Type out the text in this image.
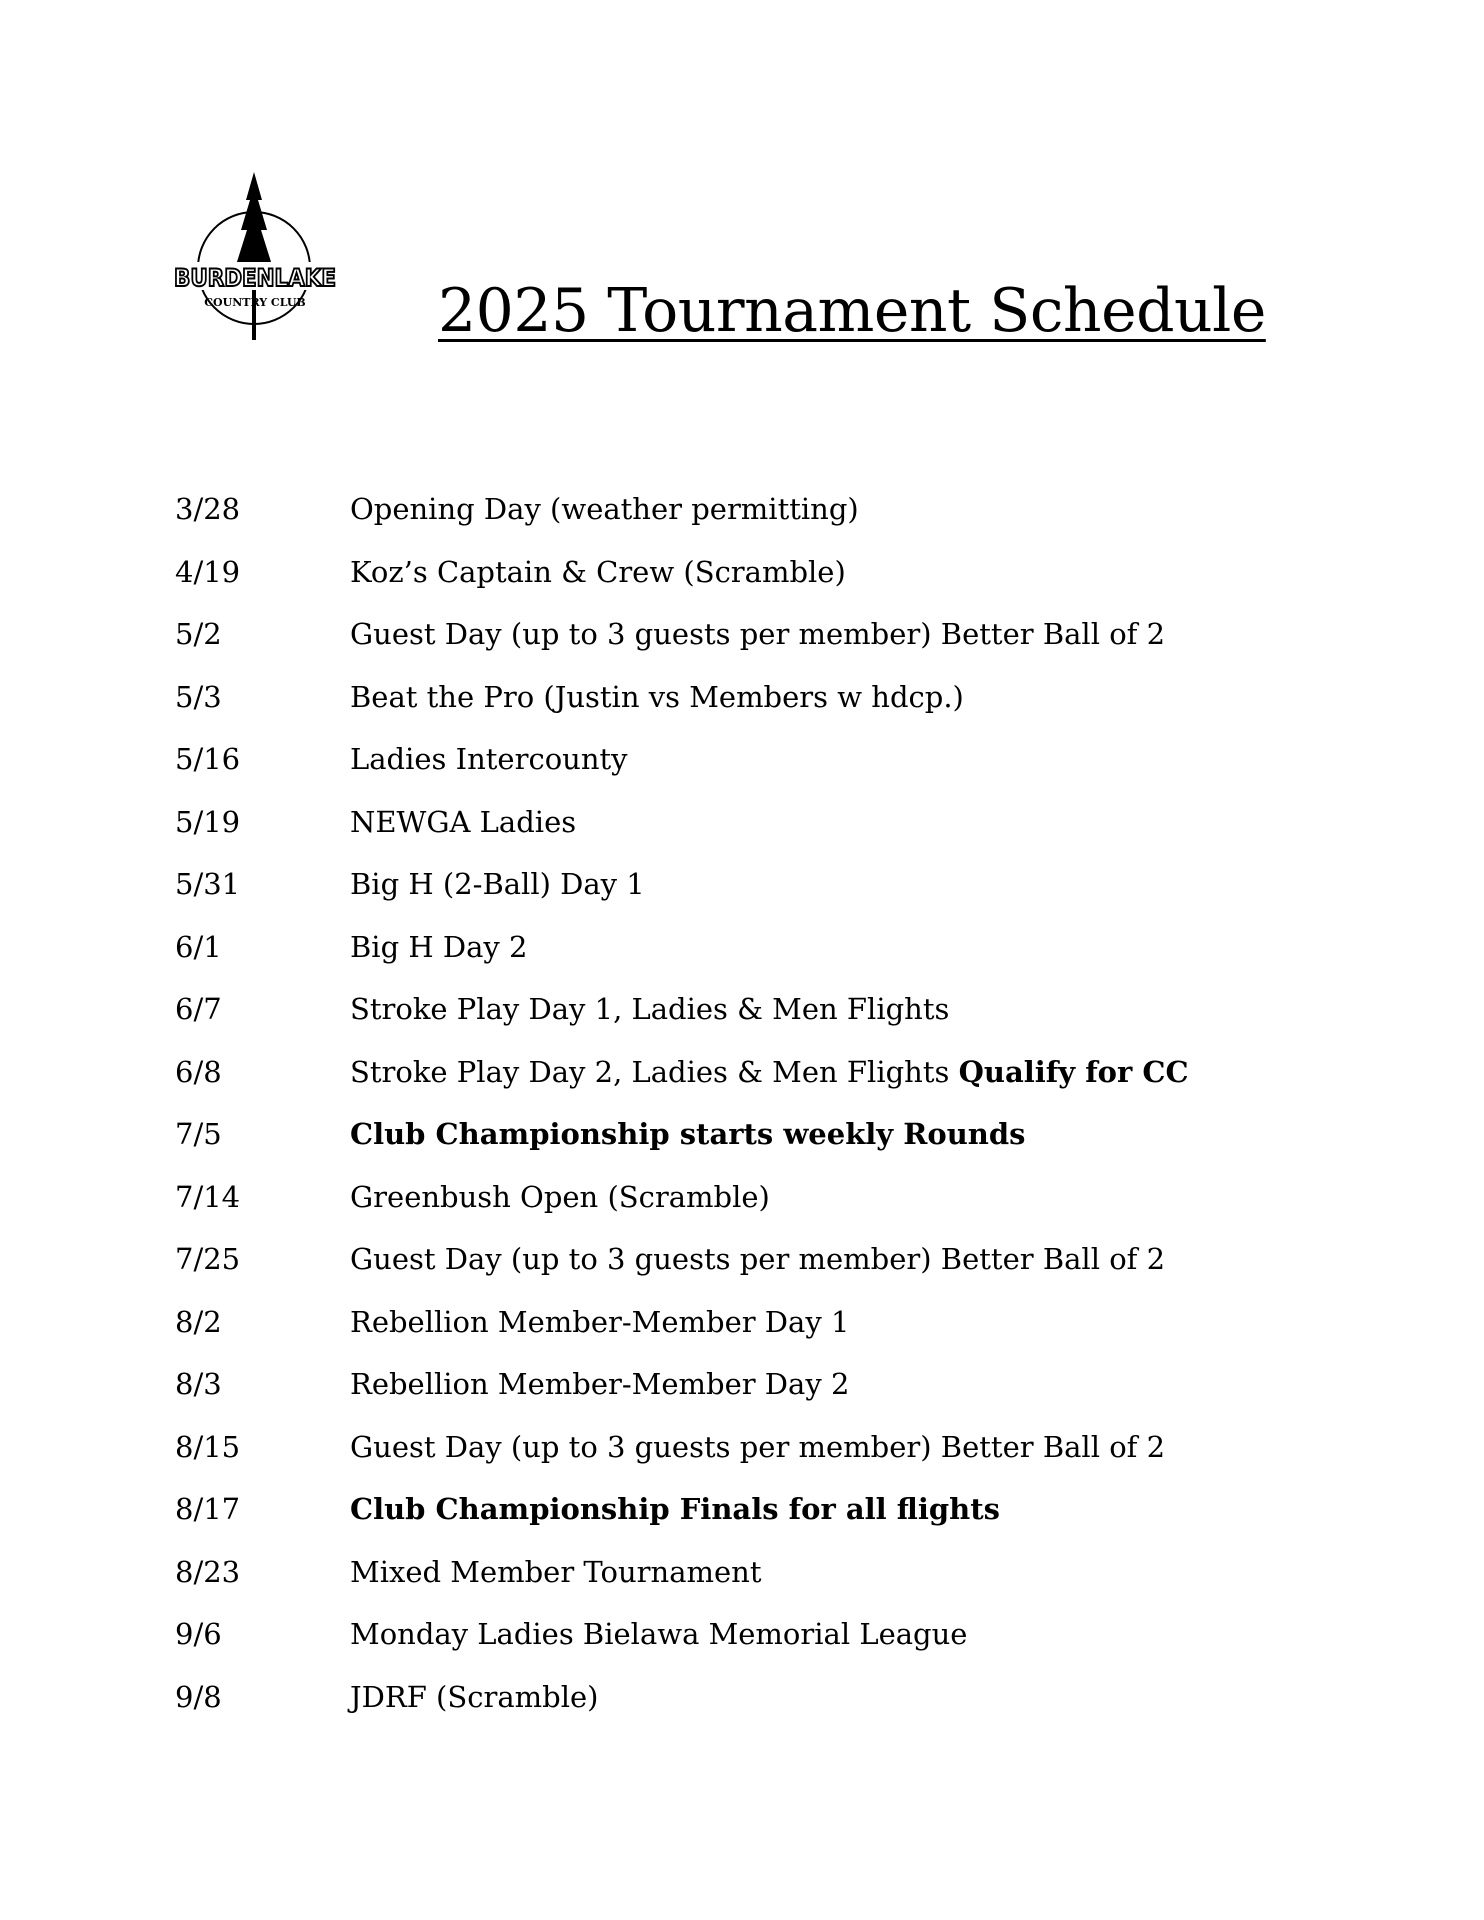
BURDENLAKE
COUNTRY CLUB 2025 Tournament Schedule
3/28	Opening Day (weather permitting)
4/19	Koz’s Captain & Crew (Scramble)
5/2	Guest Day (up to 3 guests per member) Better Ball of 2
5/3	Beat the Pro (Justin vs Members w hdcp.)
5/16	Ladies Intercounty
5/19	NEWGA Ladies
5/31	Big H (2-Ball) Day 1
6/1	Big H Day 2
6/7	Stroke Play Day 1, Ladies & Men Flights
6/8	Stroke Play Day 2, Ladies & Men Flights Qualify for CC
7/5	Club Championship starts weekly Rounds
7/14	Greenbush Open (Scramble)
7/25	Guest Day (up to 3 guests per member) Better Ball of 2
8/2	Rebellion Member-Member Day 1
8/3	Rebellion Member-Member Day 2
8/15	Guest Day (up to 3 guests per member) Better Ball of 2
8/17	Club Championship Finals for all flights
8/23	Mixed Member Tournament
9/6	Monday Ladies Bielawa Memorial League
9/8	JDRF (Scramble)
